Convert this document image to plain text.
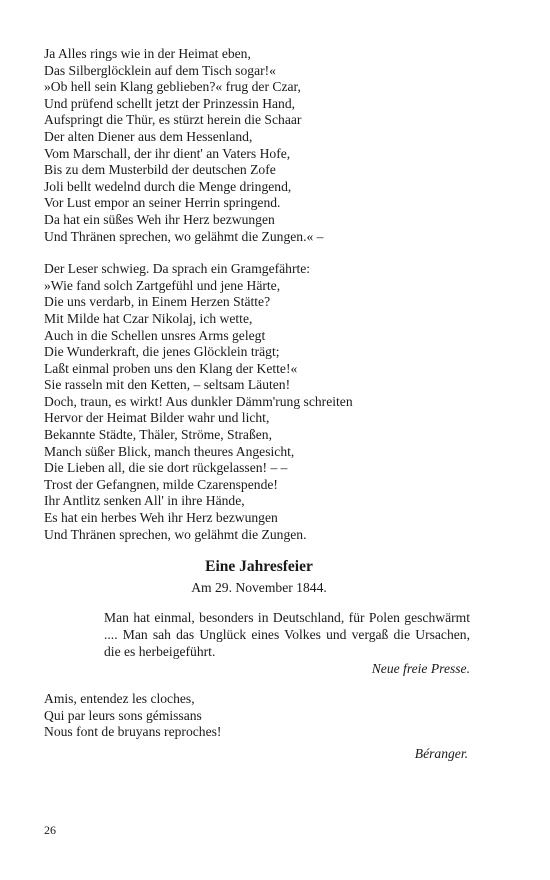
Ja Alles rings wie in der Heimat eben,
Das Silberglöcklein auf dem Tisch sogar!«
»Ob hell sein Klang geblieben?« frug der Czar,
Und prüfend schellt jetzt der Prinzessin Hand,
Aufspringt die Thür, es stürzt herein die Schaar
Der alten Diener aus dem Hessenland,
Vom Marschall, der ihr dient' an Vaters Hofe,
Bis zu dem Musterbild der deutschen Zofe
Joli bellt wedelnd durch die Menge dringend,
Vor Lust empor an seiner Herrin springend.
Da hat ein süßes Weh ihr Herz bezwungen
Und Thränen sprechen, wo gelähmt die Zungen.« –
Der Leser schwieg. Da sprach ein Gramgefährte:
»Wie fand solch Zartgefühl und jene Härte,
Die uns verdarb, in Einem Herzen Stätte?
Mit Milde hat Czar Nikolaj, ich wette,
Auch in die Schellen unsres Arms gelegt
Die Wunderkraft, die jenes Glöcklein trägt;
Laßt einmal proben uns den Klang der Kette!«
Sie rasseln mit den Ketten, – seltsam Läuten!
Doch, traun, es wirkt! Aus dunkler Dämm'rung schreiten
Hervor der Heimat Bilder wahr und licht,
Bekannte Städte, Thäler, Ströme, Straßen,
Manch süßer Blick, manch theures Angesicht,
Die Lieben all, die sie dort rückgelassen! – –
Trost der Gefangnen, milde Czarenspende!
Ihr Antlitz senken All' in ihre Hände,
Es hat ein herbes Weh ihr Herz bezwungen
Und Thränen sprechen, wo gelähmt die Zungen.
Eine Jahresfeier
Am 29. November 1844.
Man hat einmal, besonders in Deutschland, für Polen geschwärmt .... Man sah das Unglück eines Volkes und vergaß die Ursachen, die es herbeigeführt.
Neue freie Presse.
Amis, entendez les cloches,
Qui par leurs sons gémissans
Nous font de bruyans reproches!
Béranger.
26
